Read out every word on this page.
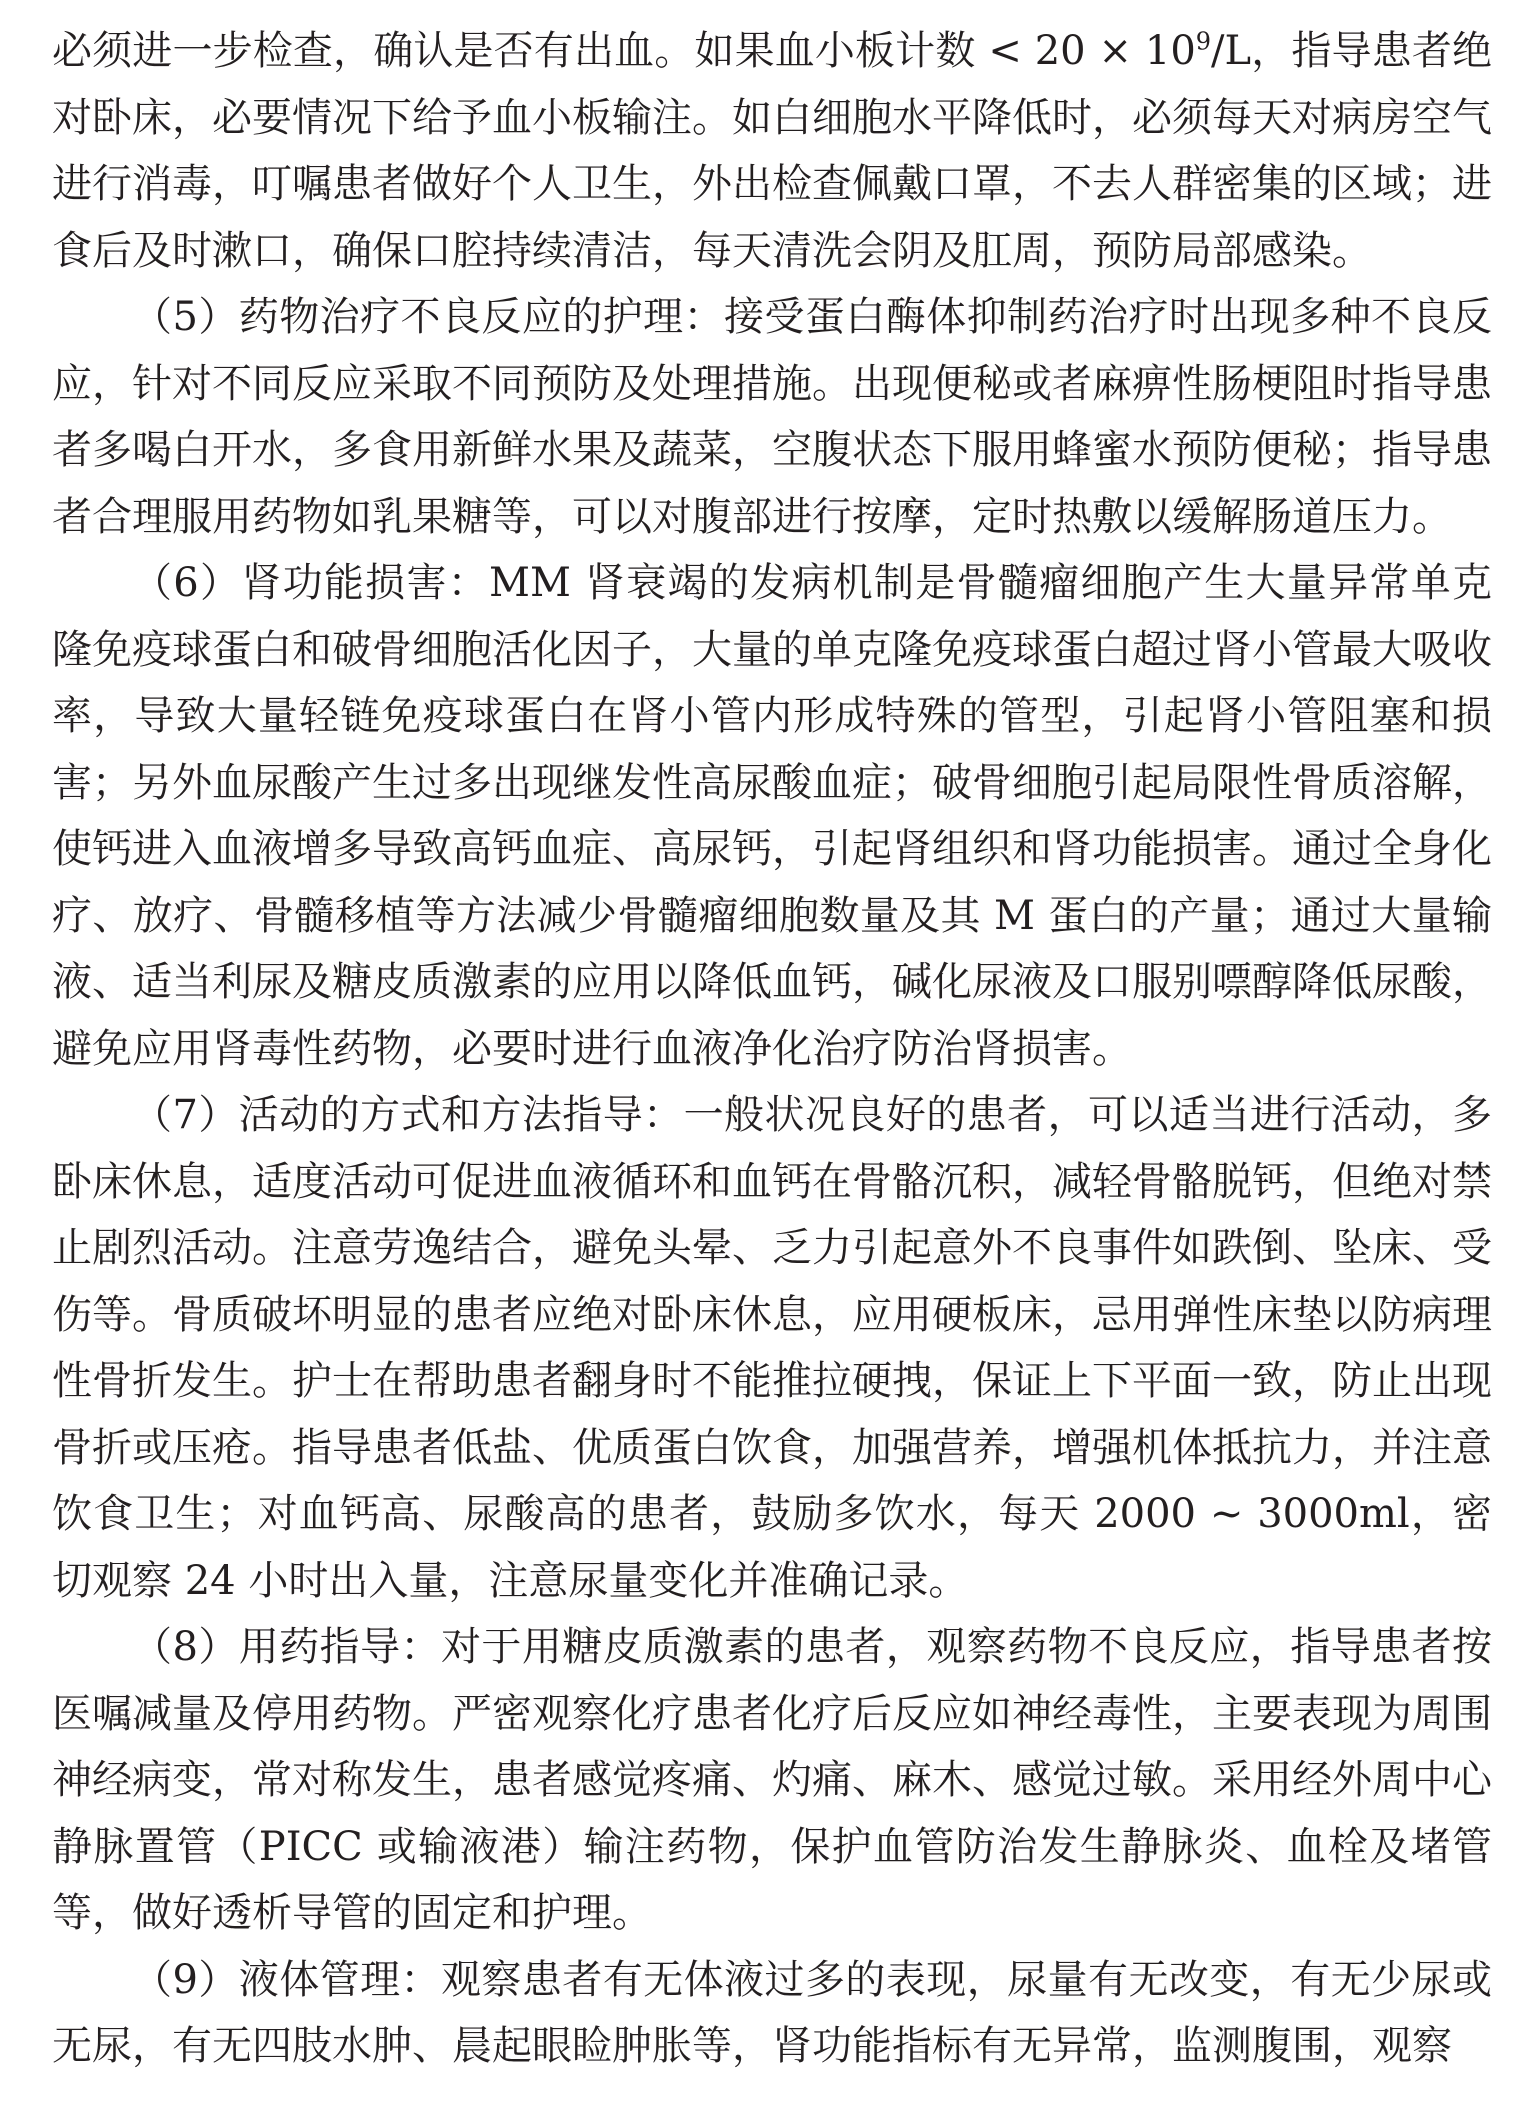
必须进一步检查，确认是否有出血。如果血小板计数 < $20 \times 10^9/L$，指导患者绝对卧床，必要情况下给予血小板输注。如白细胞水平降低时，必须每天对病房空气进行消毒，叮嘱患者做好个人卫生，外出检查佩戴口罩，不去人群密集的区域；进食后及时漱口，确保口腔持续清洁，每天清洗会阴及肛周，预防局部感染。

（5）药物治疗不良反应的护理：接受蛋白酶体抑制药治疗时出现多种不良反应，针对不同反应采取不同预防及处理措施。出现便秘或者麻痹性肠梗阻时指导患者多喝白开水，多食用新鲜水果及蔬菜，空腹状态下服用蜂蜜水预防便秘；指导患者合理服用药物如乳果糖等，可以对腹部进行按摩，定时热敷以缓解肠道压力。

（6）肾功能损害：MM 肾衰竭的发病机制是骨髓瘤细胞产生大量异常单克隆免疫球蛋白和破骨细胞活化因子，大量的单克隆免疫球蛋白超过肾小管最大吸收率，导致大量轻链免疫球蛋白在肾小管内形成特殊的管型，引起肾小管阻塞和损害；另外血尿酸产生过多出现继发性高尿酸血症；破骨细胞引起局限性骨质溶解，使钙进入血液增多导致高钙血症、高尿钙，引起肾组织和肾功能损害。通过全身化疗、放疗、骨髓移植等方法减少骨髓瘤细胞数量及其 M 蛋白的产量；通过大量输液、适当利尿及糖皮质激素的应用以降低血钙，碱化尿液及口服别嘌醇降低尿酸，避免应用肾毒性药物，必要时进行血液净化治疗防治肾损害。

（7）活动的方式和方法指导：一般状况良好的患者，可以适当进行活动，多卧床休息，适度活动可促进血液循环和血钙在骨骼沉积，减轻骨骼脱钙，但绝对禁止剧烈活动。注意劳逸结合，避免头晕、乏力引起意外不良事件如跌倒、坠床、受伤等。骨质破坏明显的患者应绝对卧床休息，应用硬板床，忌用弹性床垫以防病理性骨折发生。护士在帮助患者翻身时不能推拉硬拽，保证上下平面一致，防止出现骨折或压疮。指导患者低盐、优质蛋白饮食，加强营养，增强机体抵抗力，并注意饮食卫生；对血钙高、尿酸高的患者，鼓励多饮水，每天 2000 ~ 3000ml，密切观察 24 小时出入量，注意尿量变化并准确记录。

（8）用药指导：对于用糖皮质激素的患者，观察药物不良反应，指导患者按医嘱减量及停用药物。严密观察化疗患者化疗后反应如神经毒性，主要表现为周围神经病变，常对称发生，患者感觉疼痛、灼痛、麻木、感觉过敏。采用经外周中心静脉置管（PICC 或输液港）输注药物，保护血管防治发生静脉炎、血栓及堵管等，做好透析导管的固定和护理。

（9）液体管理：观察患者有无体液过多的表现，尿量有无改变，有无少尿或无尿，有无四肢水肿、晨起眼睑肿胀等，肾功能指标有无异常，监测腹围，观察
